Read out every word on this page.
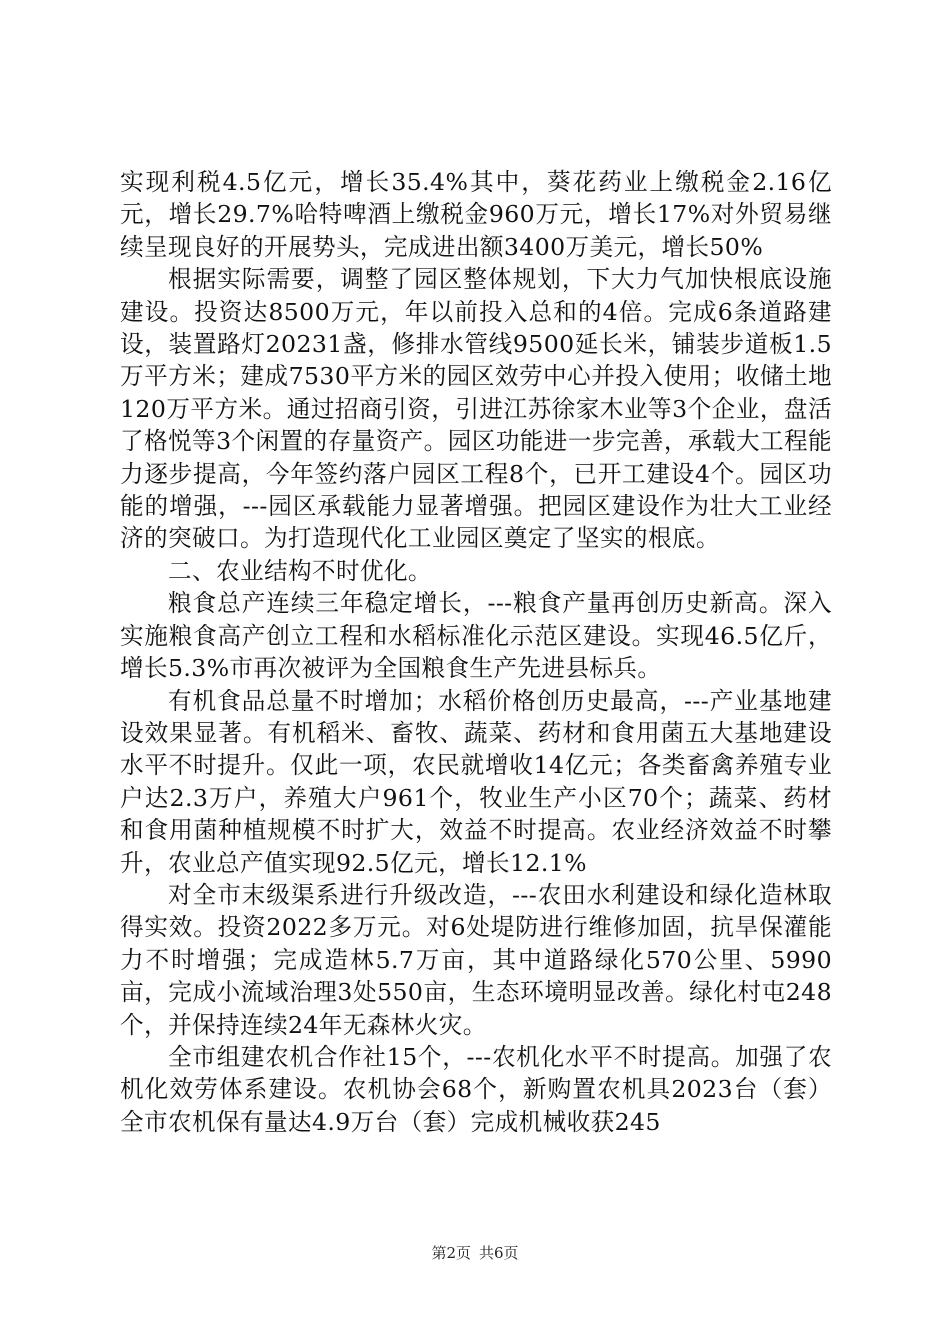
实现利税4.5亿元，增长35.4%其中，葵花药业上缴税金2.16亿元，增长29.7%哈特啤酒上缴税金960万元，增长17%对外贸易继续呈现良好的开展势头，完成进出额3400万美元，增长50%

根据实际需要，调整了园区整体规划，下大力气加快根底设施建设。投资达8500万元，年以前投入总和的4倍。完成6条道路建设，装置路灯20231盏，修排水管线9500延长米，铺装步道板1.5万平方米；建成7530平方米的园区效劳中心并投入使用；收储土地120万平方米。通过招商引资，引进江苏徐家木业等3个企业，盘活了格悦等3个闲置的存量资产。园区功能进一步完善，承载大工程能力逐步提高，今年签约落户园区工程8个，已开工建设4个。园区功能的增强，---园区承载能力显著增强。把园区建设作为壮大工业经济的突破口。为打造现代化工业园区奠定了坚实的根底。

二、农业结构不时优化。

粮食总产连续三年稳定增长，---粮食产量再创历史新高。深入实施粮食高产创立工程和水稻标准化示范区建设。实现46.5亿斤，增长5.3%市再次被评为全国粮食生产先进县标兵。

有机食品总量不时增加；水稻价格创历史最高，---产业基地建设效果显著。有机稻米、畜牧、蔬菜、药材和食用菌五大基地建设水平不时提升。仅此一项，农民就增收14亿元；各类畜禽养殖专业户达2.3万户，养殖大户961个，牧业生产小区70个；蔬菜、药材和食用菌种植规模不时扩大，效益不时提高。农业经济效益不时攀升，农业总产值实现92.5亿元，增长12.1%

对全市末级渠系进行升级改造，---农田水利建设和绿化造林取得实效。投资2022多万元。对6处堤防进行维修加固，抗旱保灌能力不时增强；完成造林5.7万亩，其中道路绿化570公里、5990亩，完成小流域治理3处550亩，生态环境明显改善。绿化村屯248个，并保持连续24年无森林火灾。

全市组建农机合作社15个，---农机化水平不时提高。加强了农机化效劳体系建设。农机协会68个，新购置农机具2023台（套）全市农机保有量达4.9万台（套）完成机械收获245

第2页 共6页
